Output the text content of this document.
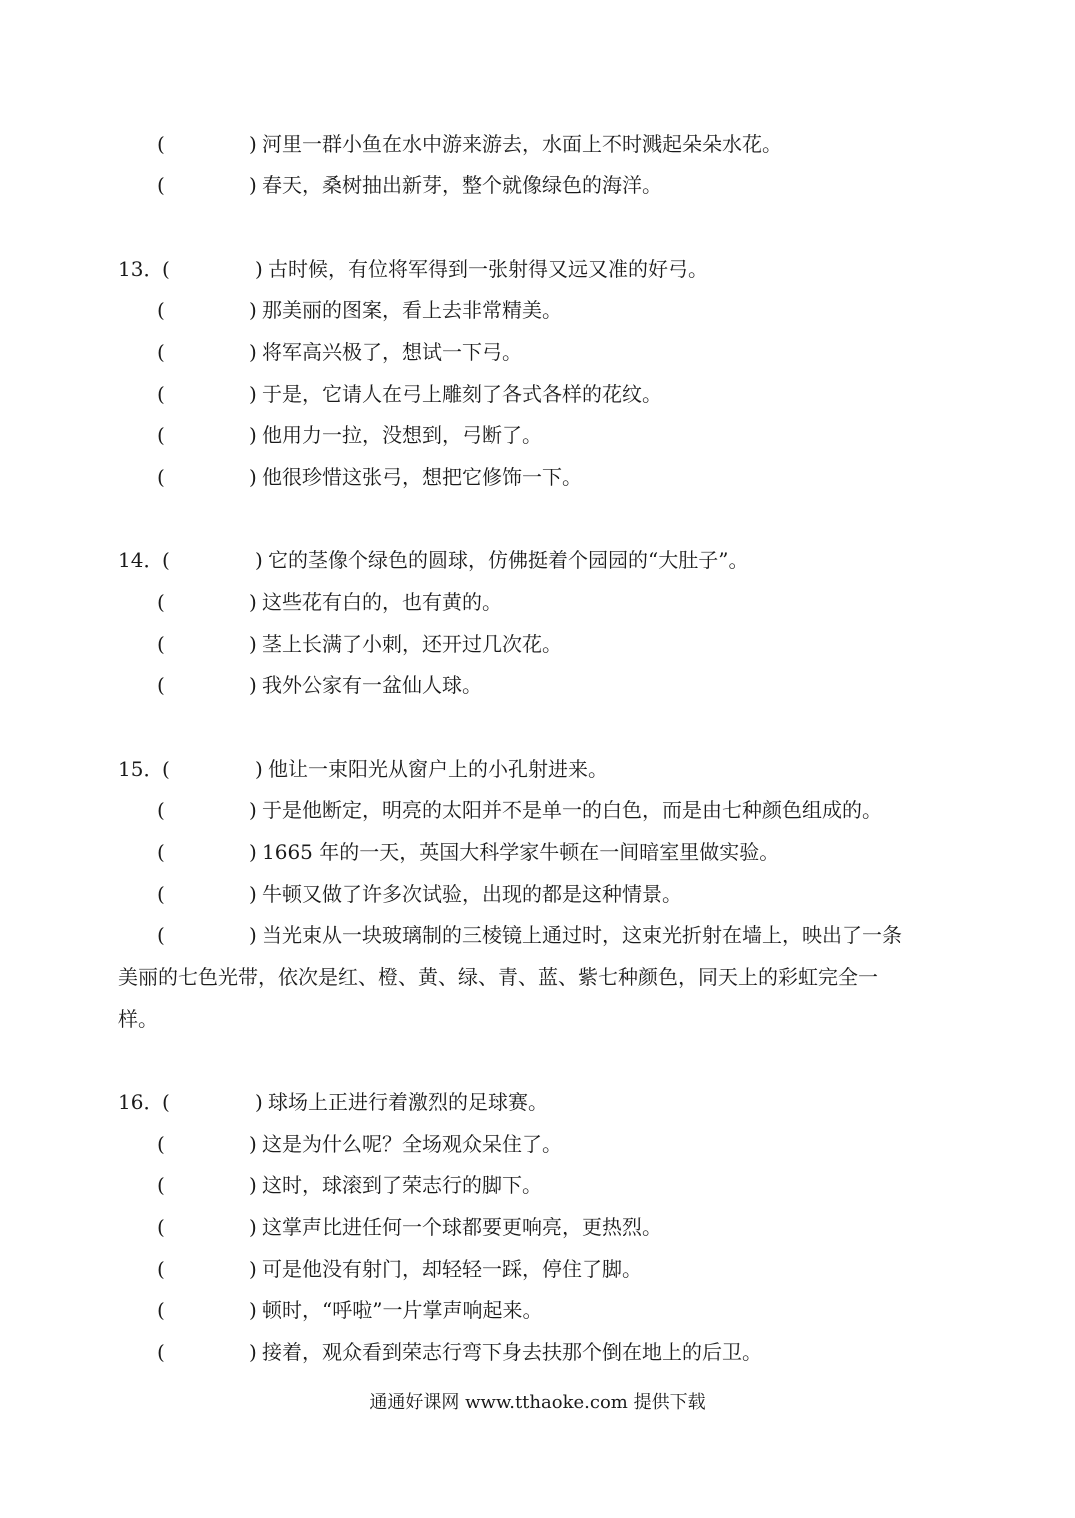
(	) 河里一群小鱼在水中游来游去，水面上不时溅起朵朵水花。
(	) 春天，桑树抽出新芽，整个就像绿色的海洋。
13．
(	) 古时候，有位将军得到一张射得又远又准的好弓。
(	) 那美丽的图案，看上去非常精美。
(	) 将军高兴极了，想试一下弓。
(	) 于是，它请人在弓上雕刻了各式各样的花纹。
(	) 他用力一拉，没想到，弓断了。
(	) 他很珍惜这张弓，想把它修饰一下。
14．
(	) 它的茎像个绿色的圆球，仿佛挺着个园园的“大肚子”。
(	) 这些花有白的，也有黄的。
(	) 茎上长满了小刺，还开过几次花。
(	) 我外公家有一盆仙人球。
15．
(	) 他让一束阳光从窗户上的小孔射进来。
(	) 于是他断定，明亮的太阳并不是单一的白色，而是由七种颜色组成的。
(	) 1665 年的一天，英国大科学家牛顿在一间暗室里做实验。
(	) 牛顿又做了许多次试验，出现的都是这种情景。
(	) 当光束从一块玻璃制的三棱镜上通过时，这束光折射在墙上，映出了一条
美丽的七色光带，依次是红、橙、黄、绿、青、蓝、紫七种颜色，同天上的彩虹完全一
样。
16．
(	) 球场上正进行着激烈的足球赛。
(	) 这是为什么呢？全场观众呆住了。
(	) 这时，球滚到了荣志行的脚下。
(	) 这掌声比进任何一个球都要更响亮，更热烈。
(	) 可是他没有射门，却轻轻一踩，停住了脚。
(	) 顿时，“呼啦”一片掌声响起来。
(	) 接着，观众看到荣志行弯下身去扶那个倒在地上的后卫。
通通好课网 www.tthaoke.com 提供下载
